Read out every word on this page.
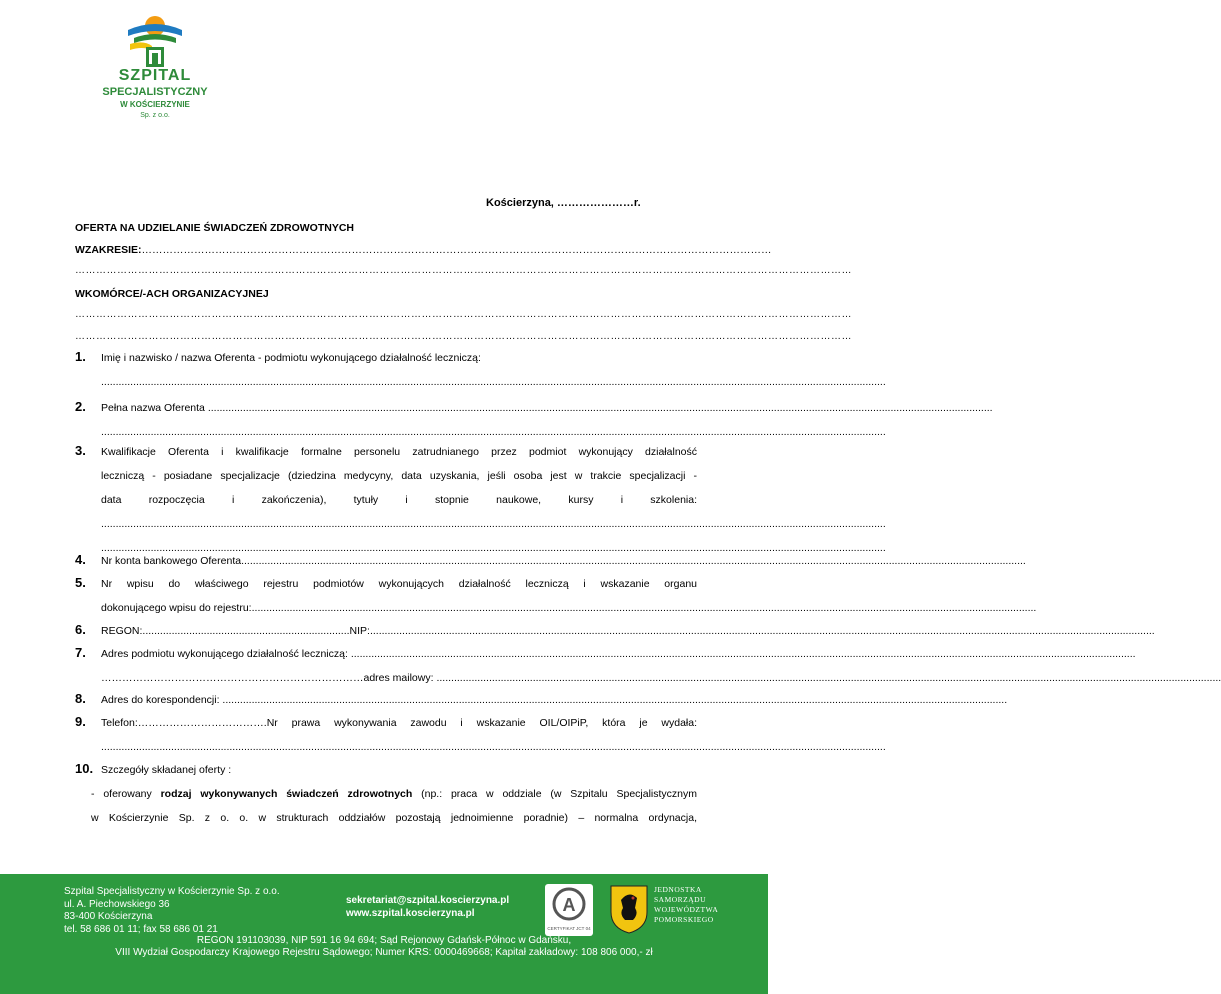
SZPITAL
SPECJALISTYCZNY
W KOŚCIERZYNIE
Sp. z o.o.
Kościerzyna, …………………r.
OFERTA NA UDZIELANIE ŚWIADCZEŃ ZDROWOTNYCH
WZAKRESIE:………………………………………………………………………………………………………………………………………………………………
……………………………………………………………………………………………………………………………………………………………………………………………………
WKOMÓRCE/-ACH ORGANIZACYJNEJ
……………………………………………………………………………………………………………………………………………………………………………………………………
……………………………………………………………………………………………………………………………………………………………………………………………………
1. Imię i nazwisko / nazwa Oferenta - podmiotu wykonującego działalność leczniczą:
.............................................................................................................................................................................................................................................................................
2. Pełna nazwa Oferenta .............................................................................................................................................................................................................................................................................
.............................................................................................................................................................................................................................................................................
3. Kwalifikacje Oferenta i kwalifikacje formalne personelu zatrudnianego przez podmiot wykonujący działalność
leczniczą - posiadane specjalizacje (dziedzina medycyny, data uzyskania, jeśli osoba jest w trakcie specjalizacji -
data rozpoczęcia i zakończenia), tytuły i stopnie naukowe, kursy i szkolenia:
.............................................................................................................................................................................................................................................................................
.............................................................................................................................................................................................................................................................................
4. Nr konta bankowego Oferenta.............................................................................................................................................................................................................................................................................
5. Nr wpisu do właściwego rejestru podmiotów wykonujących działalność leczniczą i wskazanie organu
dokonującego wpisu do rejestru:.............................................................................................................................................................................................................................................................................
6. REGON:.......................................................................NIP:.............................................................................................................................................................................................................................................................................
7. Adres podmiotu wykonującego działalność leczniczą: .............................................................................................................................................................................................................................................................................
…………………………………………………………………adres mailowy: .............................................................................................................................................................................................................................................................................
8. Adres do korespondencji: .............................................................................................................................................................................................................................................................................
9. Telefon: ………………………………. Nr prawa wykonywania zawodu i wskazanie OIL/OIPiP, która je wydała:
.............................................................................................................................................................................................................................................................................
10. Szczegóły składanej oferty :
- oferowany rodzaj wykonywanych świadczeń zdrowotnych (np.: praca w oddziale (w Szpitalu Specjalistycznym
w Kościerzynie Sp. z o. o. w strukturach oddziałów pozostają jednoimienne poradnie) – normalna ordynacja,
Szpital Specjalistyczny w Kościerzynie Sp. z o.o.
ul. A. Piechowskiego 36
83-400 Kościerzyna
tel. 58 686 01 11; fax 58 686 01 21
sekretariat@szpital.koscierzyna.pl
www.szpital.koscierzyna.pl	A
CERTYFIKAT JCT 04
JEDNOSTKA
SAMORZĄDU
WOJEWÓDZTWA
POMORSKIEGO
REGON 191103039, NIP 591 16 94 694; Sąd Rejonowy Gdańsk-Północ w Gdańsku,
VIII Wydział Gospodarczy Krajowego Rejestru Sądowego; Numer KRS: 0000469668; Kapitał zakładowy: 108 806 000,- zł
